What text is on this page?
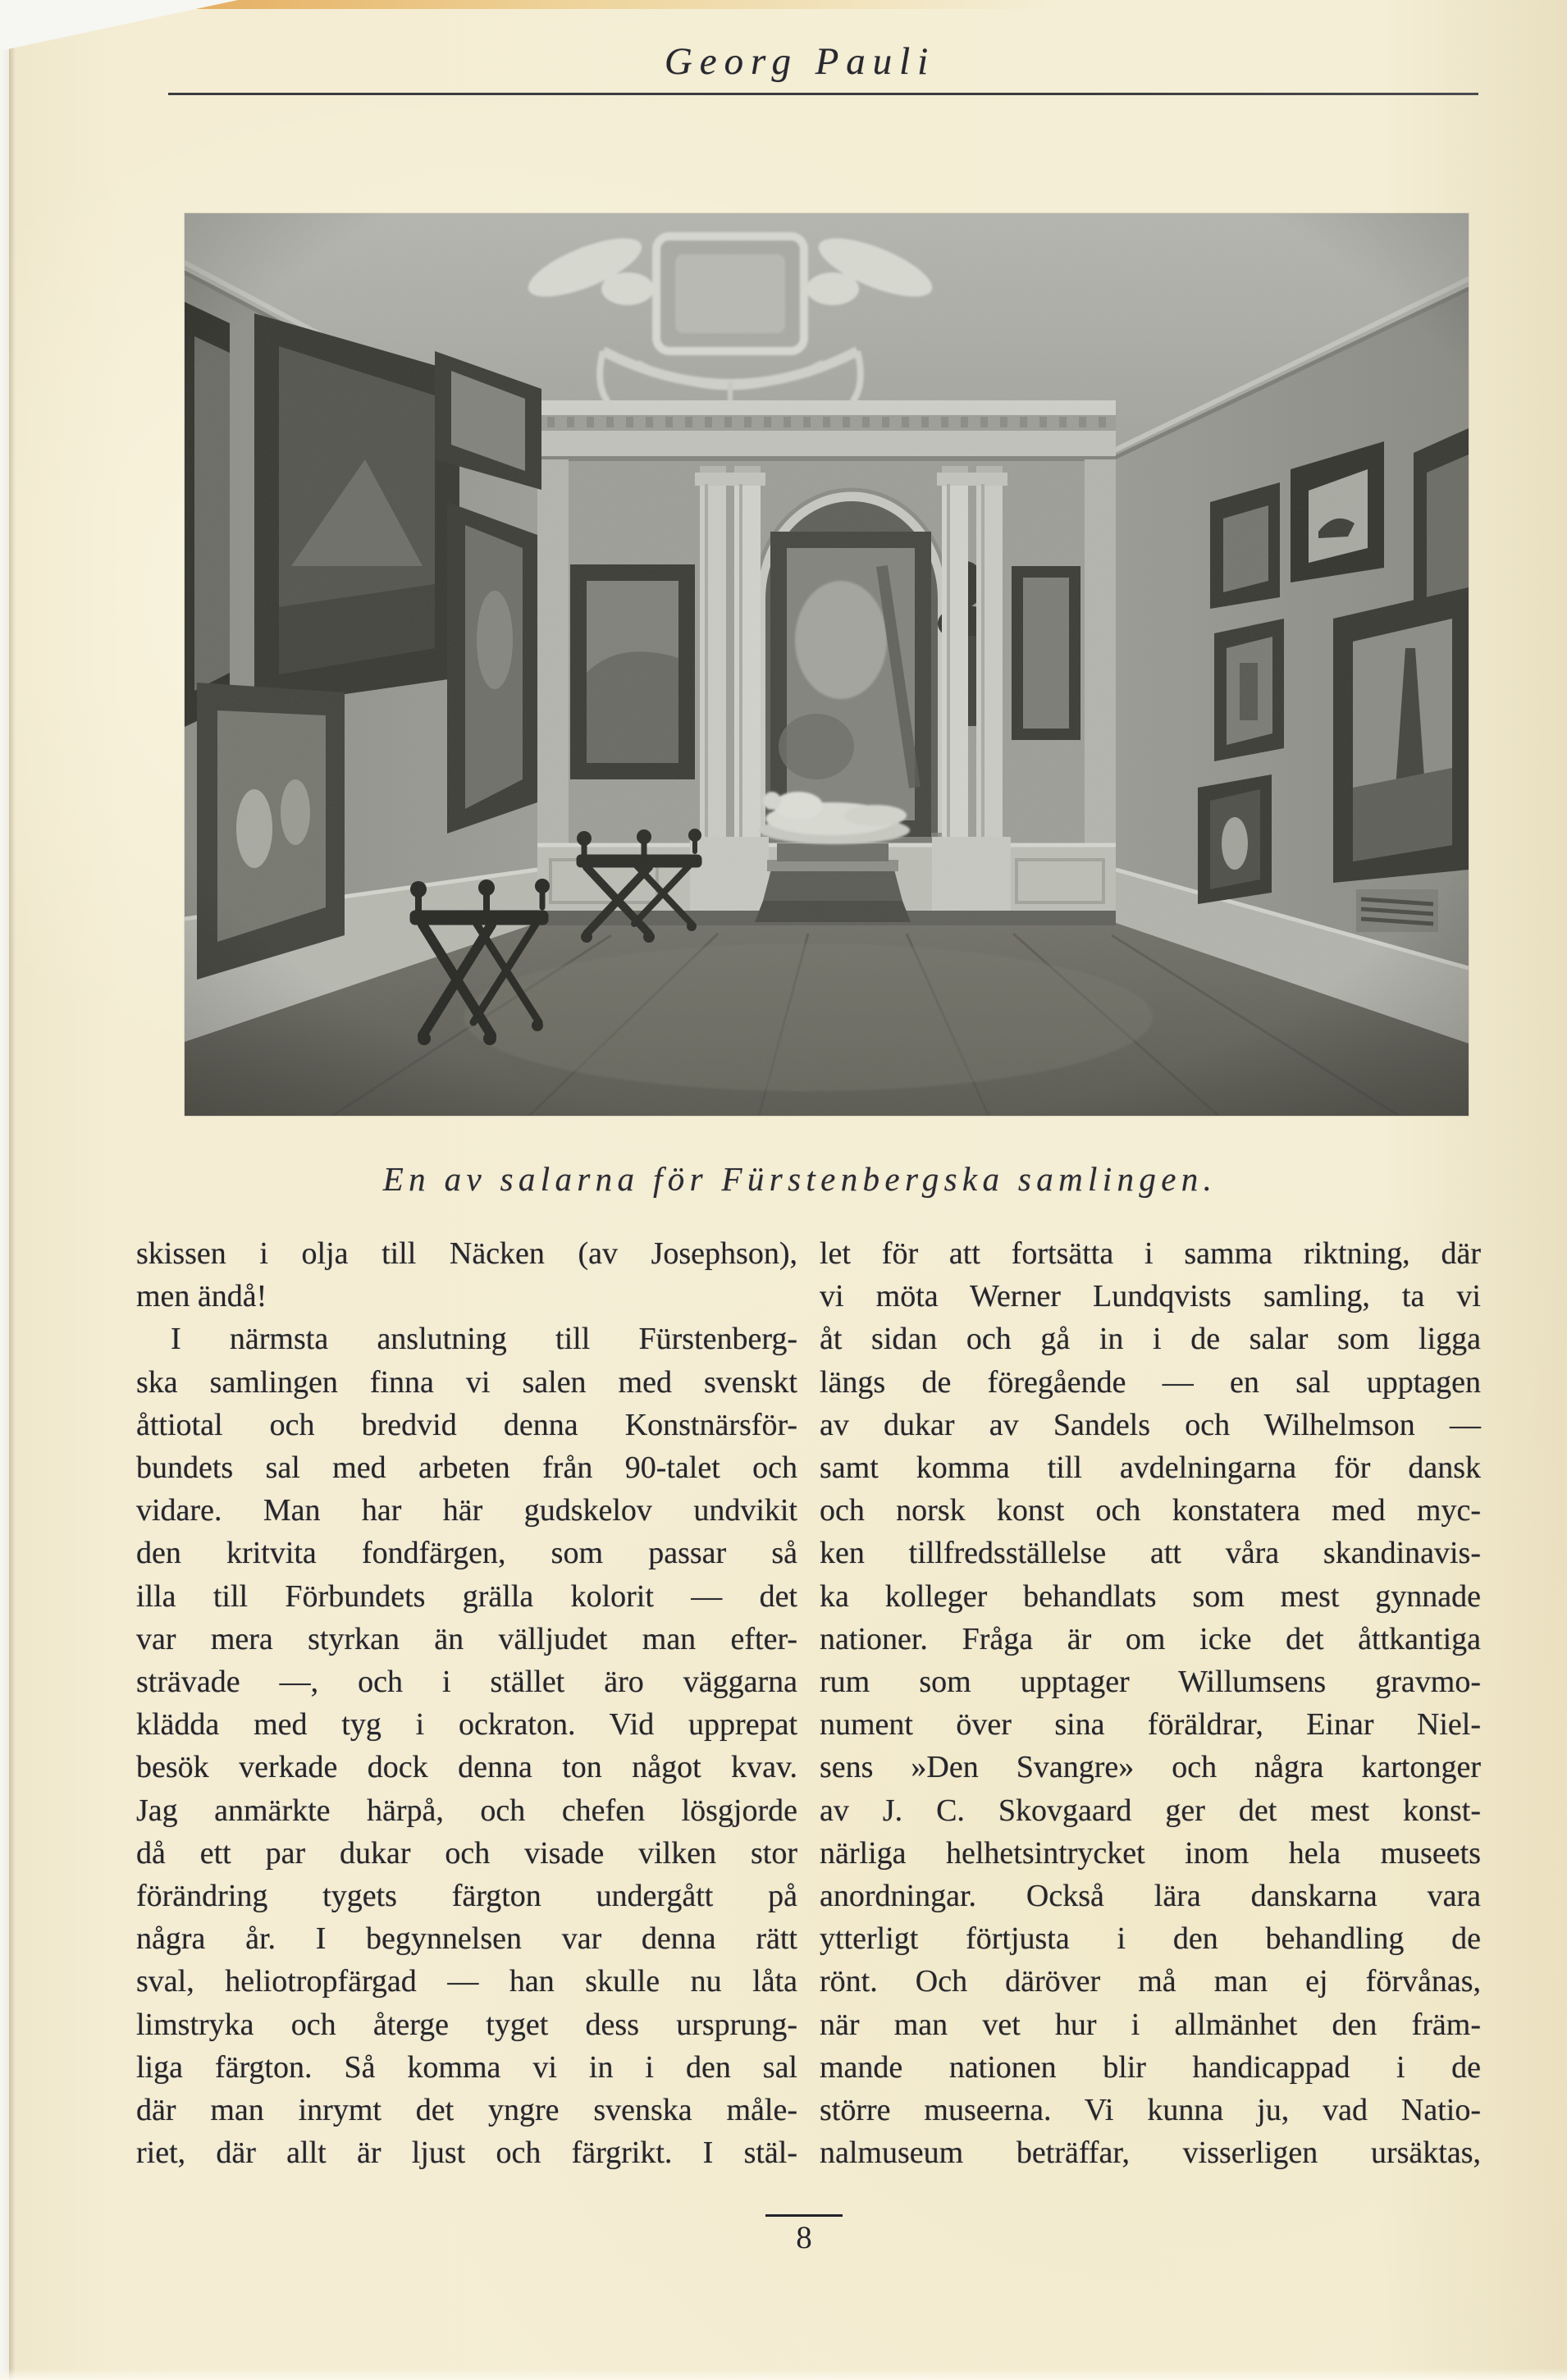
Georg Pauli
En av salarna för Fürstenbergska samlingen.
skissen i olja till Näcken (av Josephson),
men ändå!
I närmsta anslutning till Fürstenberg-
ska samlingen finna vi salen med svenskt
åttiotal och bredvid denna Konstnärsför-
bundets sal med arbeten från 90-talet och
vidare. Man har här gudskelov undvikit
den kritvita fondfärgen, som passar så
illa till Förbundets grälla kolorit — det
var mera styrkan än välljudet man efter-
strävade —, och i stället äro väggarna
klädda med tyg i ockraton. Vid upprepat
besök verkade dock denna ton något kvav.
Jag anmärkte härpå, och chefen lösgjorde
då ett par dukar och visade vilken stor
förändring tygets färgton undergått på
några år. I begynnelsen var denna rätt
sval, heliotropfärgad — han skulle nu låta
limstryka och återge tyget dess ursprung-
liga färgton. Så komma vi in i den sal
där man inrymt det yngre svenska måle-
riet, där allt är ljust och färgrikt. I stäl-
let för att fortsätta i samma riktning, där
vi möta Werner Lundqvists samling, ta vi
åt sidan och gå in i de salar som ligga
längs de föregående — en sal upptagen
av dukar av Sandels och Wilhelmson —
samt komma till avdelningarna för dansk
och norsk konst och konstatera med myc-
ken tillfredsställelse att våra skandinavis-
ka kolleger behandlats som mest gynnade
nationer. Fråga är om icke det åttkantiga
rum som upptager Willumsens gravmo-
nument över sina föräldrar, Einar Niel-
sens »Den Svangre» och några kartonger
av J. C. Skovgaard ger det mest konst-
närliga helhetsintrycket inom hela museets
anordningar. Också lära danskarna vara
ytterligt förtjusta i den behandling de
rönt. Och däröver må man ej förvånas,
när man vet hur i allmänhet den främ-
mande nationen blir handicappad i de
större museerna. Vi kunna ju, vad Natio-
nalmuseum beträffar, visserligen ursäktas,
8
